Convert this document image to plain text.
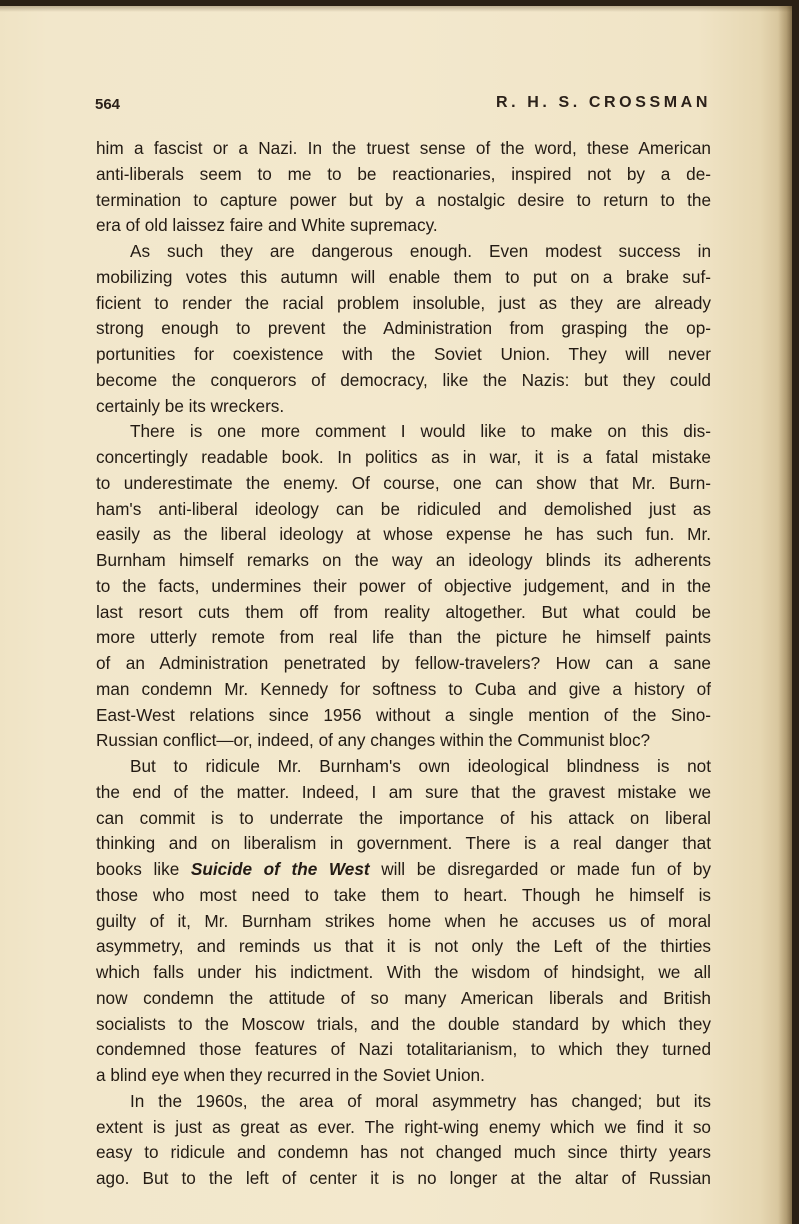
564	R. H. S. CROSSMAN
him a fascist or a Nazi. In the truest sense of the word, these American
anti-liberals seem to me to be reactionaries, inspired not by a de-
termination to capture power but by a nostalgic desire to return to the
era of old laissez faire and White supremacy.
As such they are dangerous enough. Even modest success in
mobilizing votes this autumn will enable them to put on a brake suf-
ficient to render the racial problem insoluble, just as they are already
strong enough to prevent the Administration from grasping the op-
portunities for coexistence with the Soviet Union. They will never
become the conquerors of democracy, like the Nazis: but they could
certainly be its wreckers.
There is one more comment I would like to make on this dis-
concertingly readable book. In politics as in war, it is a fatal mistake
to underestimate the enemy. Of course, one can show that Mr. Burn-
ham's anti-liberal ideology can be ridiculed and demolished just as
easily as the liberal ideology at whose expense he has such fun. Mr.
Burnham himself remarks on the way an ideology blinds its adherents
to the facts, undermines their power of objective judgement, and in the
last resort cuts them off from reality altogether. But what could be
more utterly remote from real life than the picture he himself paints
of an Administration penetrated by fellow-travelers? How can a sane
man condemn Mr. Kennedy for softness to Cuba and give a history of
East-West relations since 1956 without a single mention of the Sino-
Russian conflict—or, indeed, of any changes within the Communist bloc?
But to ridicule Mr. Burnham's own ideological blindness is not
the end of the matter. Indeed, I am sure that the gravest mistake we
can commit is to underrate the importance of his attack on liberal
thinking and on liberalism in government. There is a real danger that
books like Suicide of the West will be disregarded or made fun of by
those who most need to take them to heart. Though he himself is
guilty of it, Mr. Burnham strikes home when he accuses us of moral
asymmetry, and reminds us that it is not only the Left of the thirties
which falls under his indictment. With the wisdom of hindsight, we all
now condemn the attitude of so many American liberals and British
socialists to the Moscow trials, and the double standard by which they
condemned those features of Nazi totalitarianism, to which they turned
a blind eye when they recurred in the Soviet Union.
In the 1960s, the area of moral asymmetry has changed; but its
extent is just as great as ever. The right-wing enemy which we find it so
easy to ridicule and condemn has not changed much since thirty years
ago. But to the left of center it is no longer at the altar of Russian
